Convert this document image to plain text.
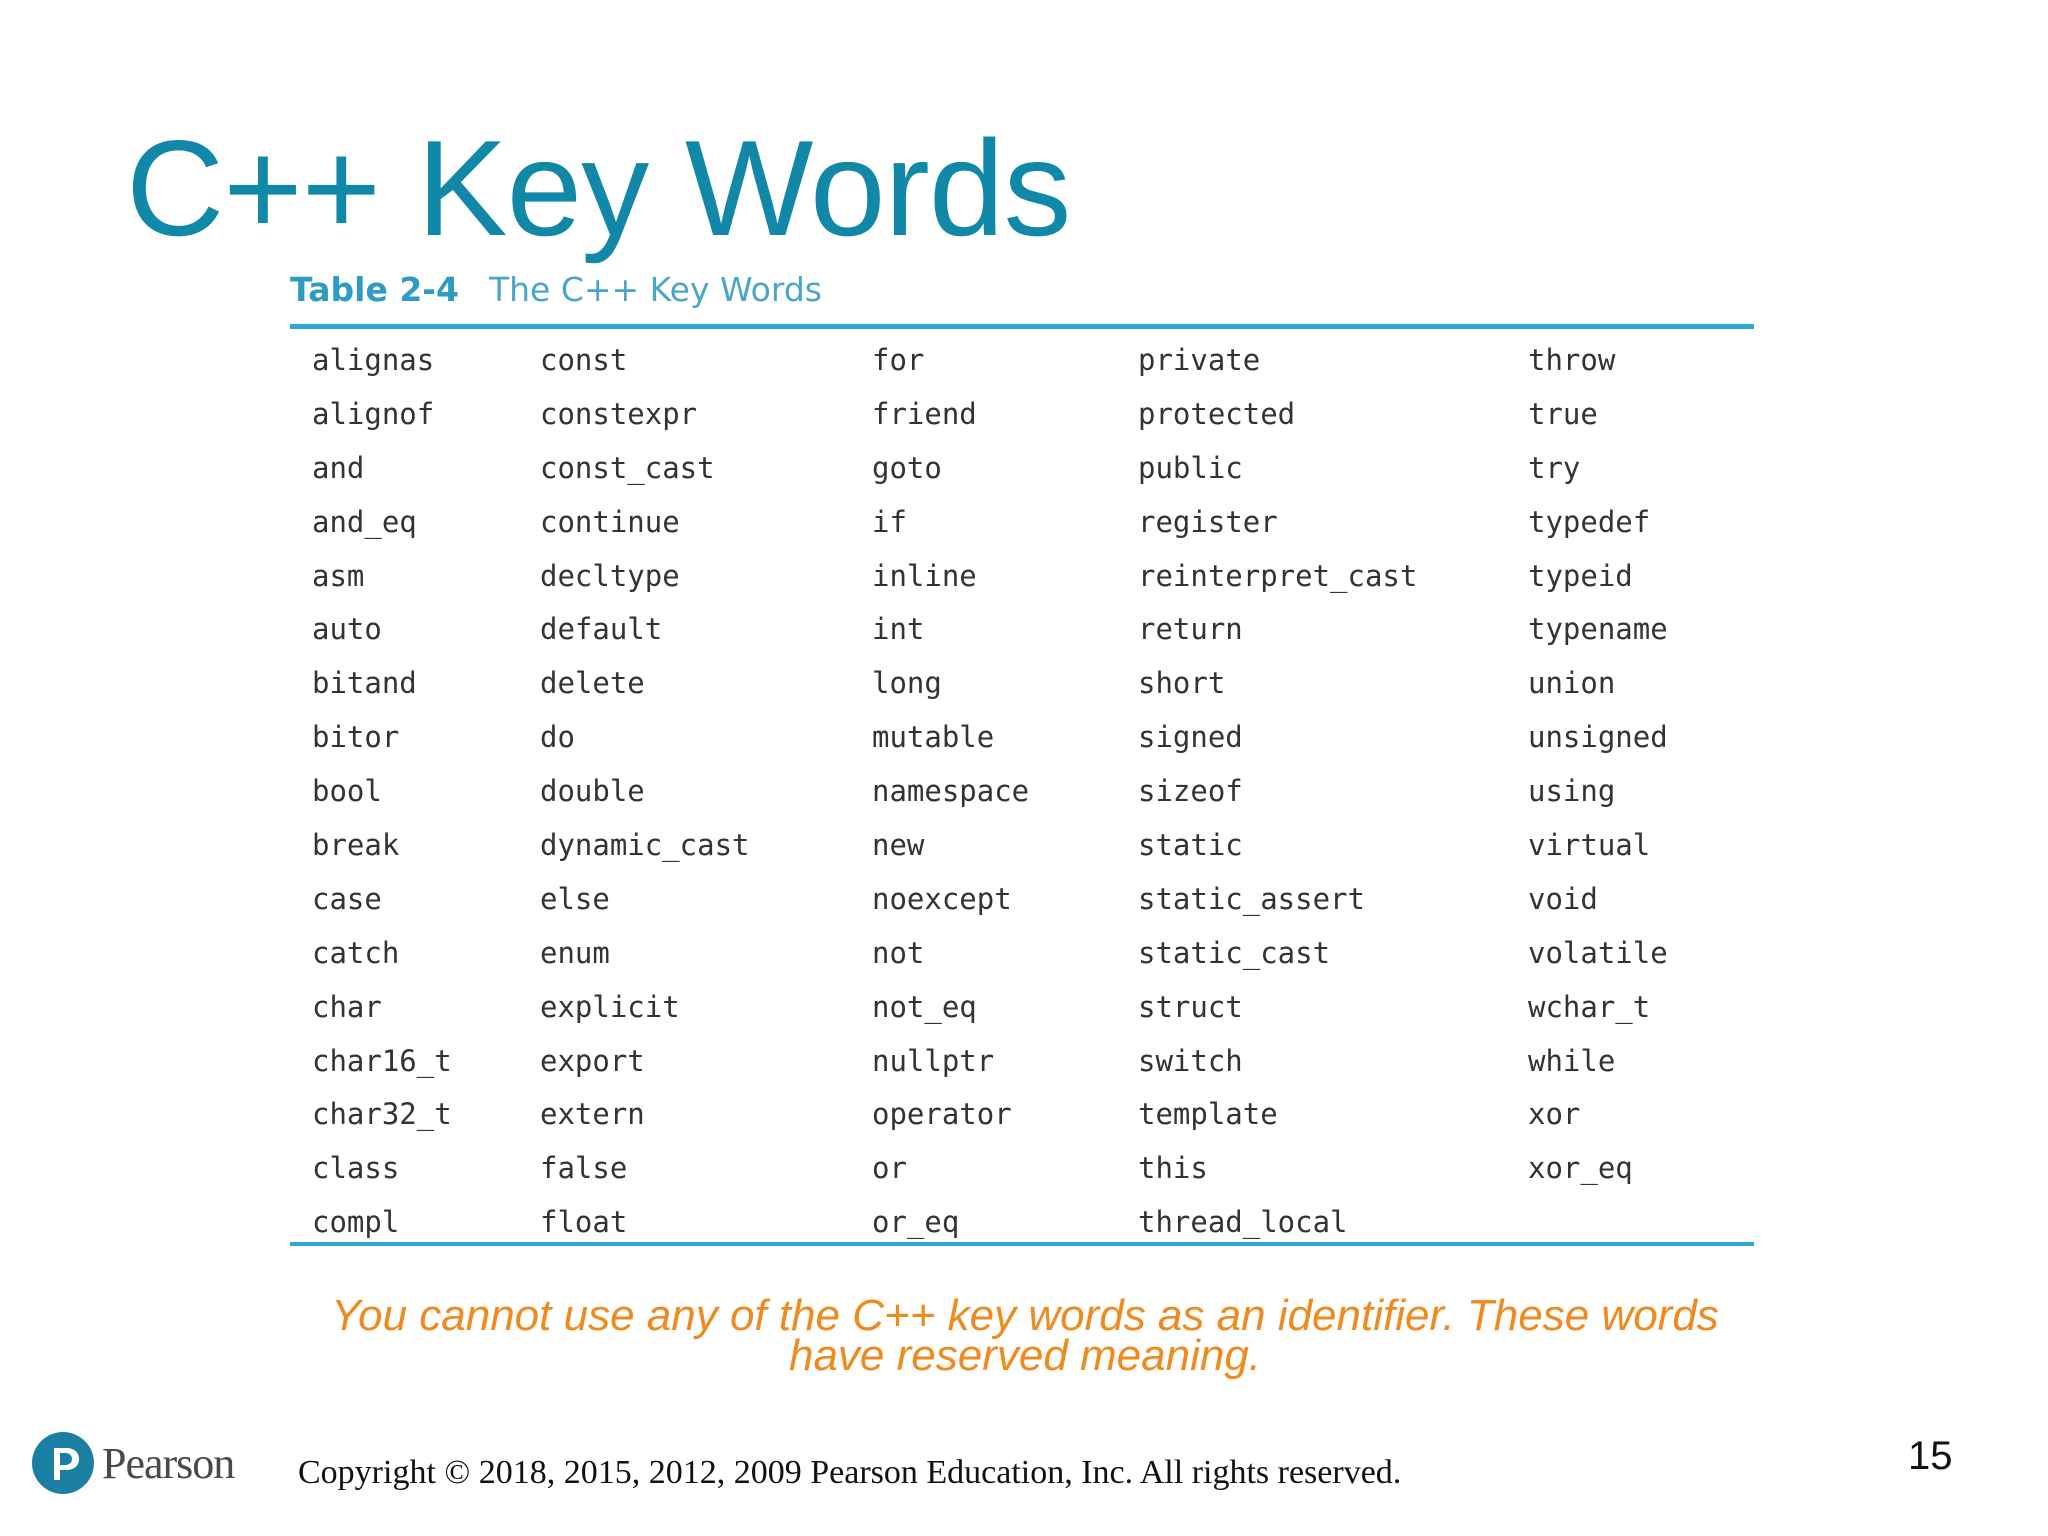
C++ Key Words
Table 2-4 The C++ Key Words
alignas
alignof
and
and_eq
asm
auto
bitand
bitor
bool
break
case
catch
char
char16_t
char32_t
class
compl
const
constexpr
const_cast
continue
decltype
default
delete
do
double
dynamic_cast
else
enum
explicit
export
extern
false
float
for
friend
goto
if
inline
int
long
mutable
namespace
new
noexcept
not
not_eq
nullptr
operator
or
or_eq
private
protected
public
register
reinterpret_cast
return
short
signed
sizeof
static
static_assert
static_cast
struct
switch
template
this
thread_local
throw
true
try
typedef
typeid
typename
union
unsigned
using
virtual
void
volatile
wchar_t
while
xor
xor_eq
You cannot use any of the C++ key words as an identifier. These words
have reserved meaning.
Pearson Copyright © 2018, 2015, 2012, 2009 Pearson Education, Inc. All rights reserved.	15
